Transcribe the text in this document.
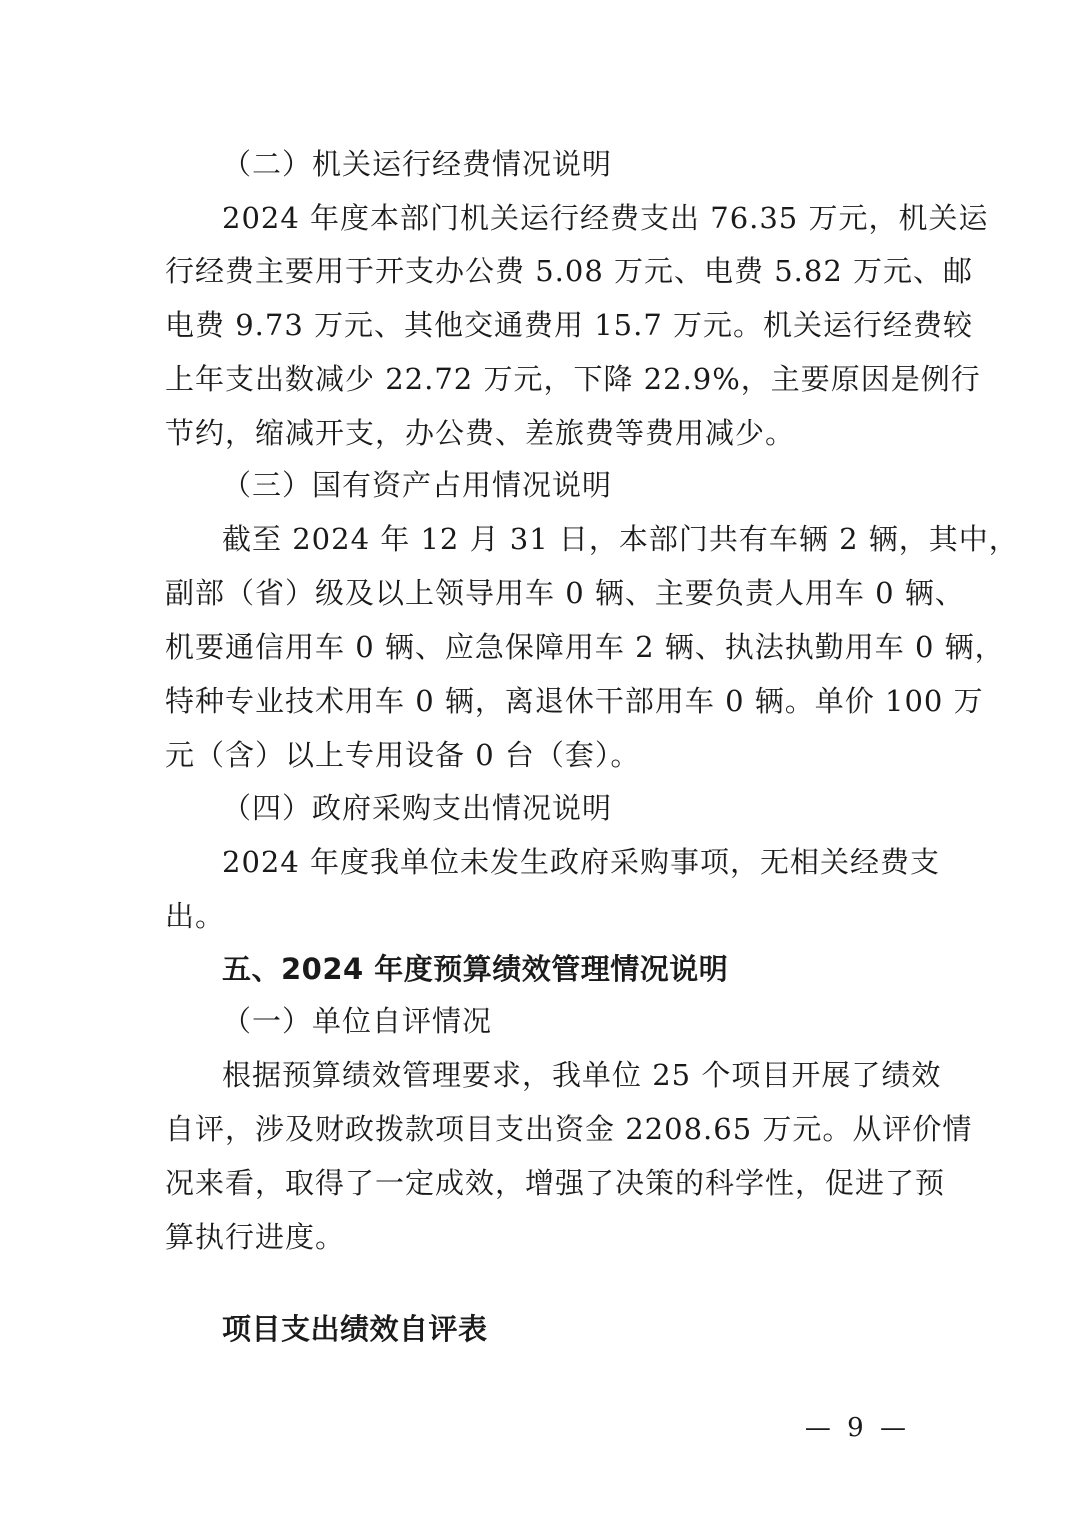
（二）机关运行经费情况说明
2024 年度本部门机关运行经费支出 76.35 万元，机关运
行经费主要用于开支办公费 5.08 万元、电费 5.82 万元、邮
电费 9.73 万元、其他交通费用 15.7 万元。机关运行经费较
上年支出数减少 22.72 万元，下降 22.9%，主要原因是例行
节约，缩减开支，办公费、差旅费等费用减少。
（三）国有资产占用情况说明
截至 2024 年 12 月 31 日，本部门共有车辆 2 辆，其中，
副部（省）级及以上领导用车 0 辆、主要负责人用车 0 辆、
机要通信用车 0 辆、应急保障用车 2 辆、执法执勤用车 0 辆，
特种专业技术用车 0 辆，离退休干部用车 0 辆。单价 100 万
元（含）以上专用设备 0 台（套）。
（四）政府采购支出情况说明
2024 年度我单位未发生政府采购事项，无相关经费支
出。
五、2024 年度预算绩效管理情况说明
（一）单位自评情况
根据预算绩效管理要求，我单位 25 个项目开展了绩效
自评，涉及财政拨款项目支出资金 2208.65 万元。从评价情
况来看，取得了一定成效，增强了决策的科学性，促进了预
算执行进度。
项目支出绩效自评表
— 9 —
